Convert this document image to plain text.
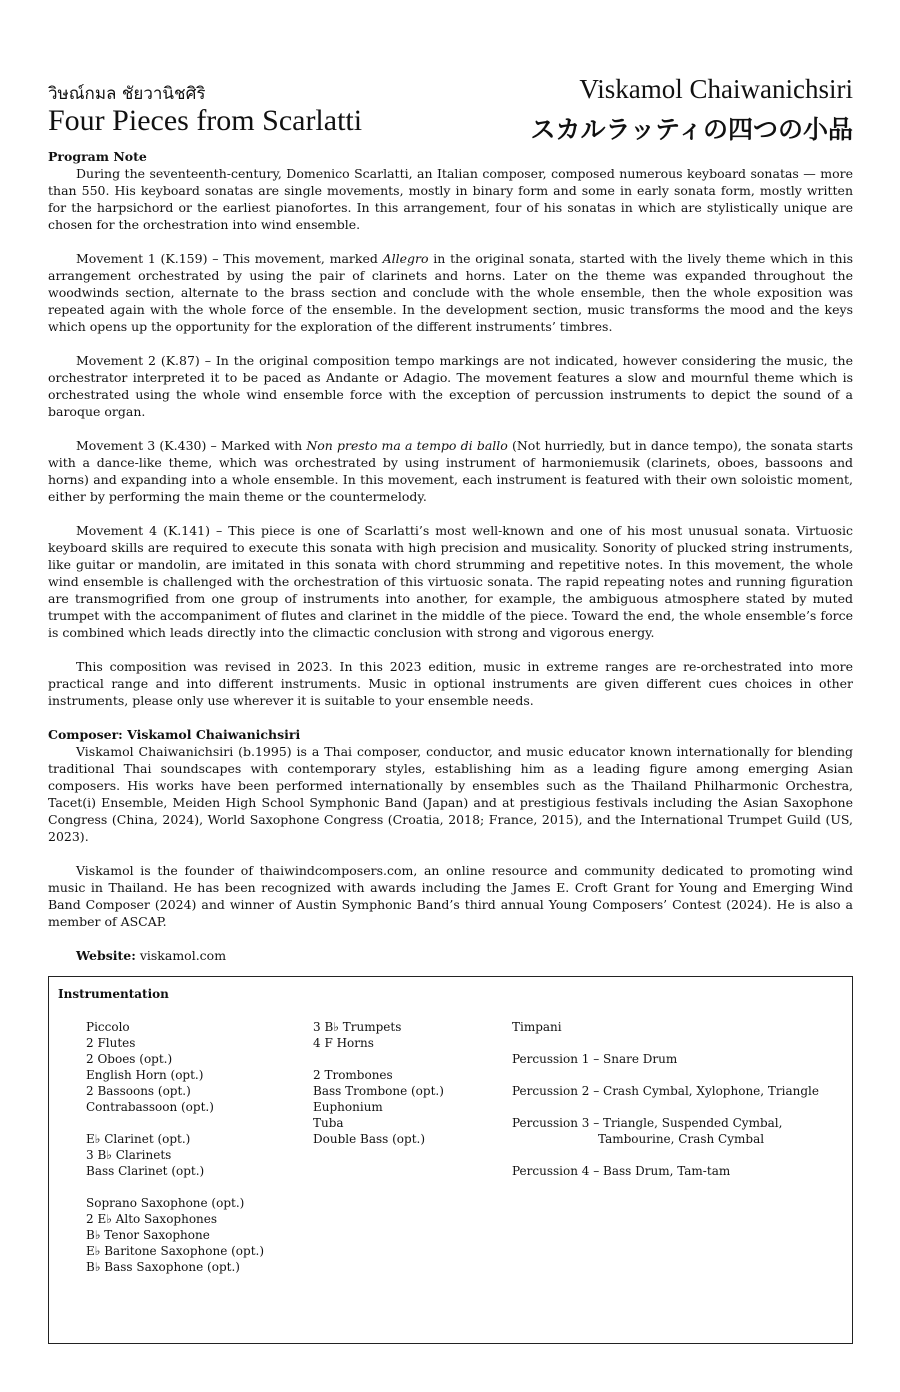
วิษณ์กมล ชัยวานิชศิริ
Four Pieces from Scarlatti
Viskamol Chaiwanichsiri
スカルラッティの四つの小品
Program Note

During the seventeenth-century, Domenico Scarlatti, an Italian composer, composed numerous keyboard sonatas — more than 550. His keyboard sonatas are single movements, mostly in binary form and some in early sonata form, mostly written for the harpsichord or the earliest pianofortes. In this arrangement, four of his sonatas in which are stylistically unique are chosen for the orchestration into wind ensemble.

Movement 1 (K.159) – This movement, marked Allegro in the original sonata, started with the lively theme which in this arrangement orchestrated by using the pair of clarinets and horns. Later on the theme was expanded throughout the woodwinds section, alternate to the brass section and conclude with the whole ensemble, then the whole exposition was repeated again with the whole force of the ensemble. In the development section, music transforms the mood and the keys which opens up the opportunity for the exploration of the different instruments’ timbres.

Movement 2 (K.87) – In the original composition tempo markings are not indicated, however considering the music, the orchestrator interpreted it to be paced as Andante or Adagio. The movement features a slow and mournful theme which is orchestrated using the whole wind ensemble force with the exception of percussion instruments to depict the sound of a baroque organ.

Movement 3 (K.430) – Marked with Non presto ma a tempo di ballo (Not hurriedly, but in dance tempo), the sonata starts with a dance-like theme, which was orchestrated by using instrument of harmoniemusik (clarinets, oboes, bassoons and horns) and expanding into a whole ensemble. In this movement, each instrument is featured with their own soloistic moment, either by performing the main theme or the countermelody.

Movement 4 (K.141) – This piece is one of Scarlatti’s most well-known and one of his most unusual sonata. Virtuosic keyboard skills are required to execute this sonata with high precision and musicality. Sonority of plucked string instruments, like guitar or mandolin, are imitated in this sonata with chord strumming and repetitive notes. In this movement, the whole wind ensemble is challenged with the orchestration of this virtuosic sonata. The rapid repeating notes and running figuration are transmogrified from one group of instruments into another, for example, the ambiguous atmosphere stated by muted trumpet with the accompaniment of flutes and clarinet in the middle of the piece. Toward the end, the whole ensemble’s force is combined which leads directly into the climactic conclusion with strong and vigorous energy.

This composition was revised in 2023. In this 2023 edition, music in extreme ranges are re-orchestrated into more practical range and into different instruments. Music in optional instruments are given different cues choices in other instruments, please only use wherever it is suitable to your ensemble needs.

Composer: Viskamol Chaiwanichsiri

Viskamol Chaiwanichsiri (b.1995) is a Thai composer, conductor, and music educator known internationally for blending traditional Thai soundscapes with contemporary styles, establishing him as a leading figure among emerging Asian composers. His works have been performed internationally by ensembles such as the Thailand Philharmonic Orchestra, Tacet(i) Ensemble, Meiden High School Symphonic Band (Japan) and at prestigious festivals including the Asian Saxophone Congress (China, 2024), World Saxophone Congress (Croatia, 2018; France, 2015), and the International Trumpet Guild (US, 2023).

Viskamol is the founder of thaiwindcomposers.com, an online resource and community dedicated to promoting wind music in Thailand. He has been recognized with awards including the James E. Croft Grant for Young and Emerging Wind Band Composer (2024) and winner of Austin Symphonic Band’s third annual Young Composers’ Contest (2024). He is also a member of ASCAP.

Website: viskamol.com
Instrumentation
Piccolo
2 Flutes
2 Oboes (opt.)
English Horn (opt.)
2 Bassoons (opt.)
Contrabassoon (opt.)
E♭ Clarinet (opt.)
3 B♭ Clarinets
Bass Clarinet (opt.)
Soprano Saxophone (opt.)
2 E♭ Alto Saxophones
B♭ Tenor Saxophone
E♭ Baritone Saxophone (opt.)
B♭ Bass Saxophone (opt.)
3 B♭ Trumpets
4 F Horns
2 Trombones
Bass Trombone (opt.)
Euphonium
Tuba
Double Bass (opt.)
Timpani
Percussion 1 – Snare Drum
Percussion 2 – Crash Cymbal, Xylophone, Triangle
Percussion 3 – Triangle, Suspended Cymbal, Tambourine, Crash Cymbal
Percussion 4 – Bass Drum, Tam-tam
